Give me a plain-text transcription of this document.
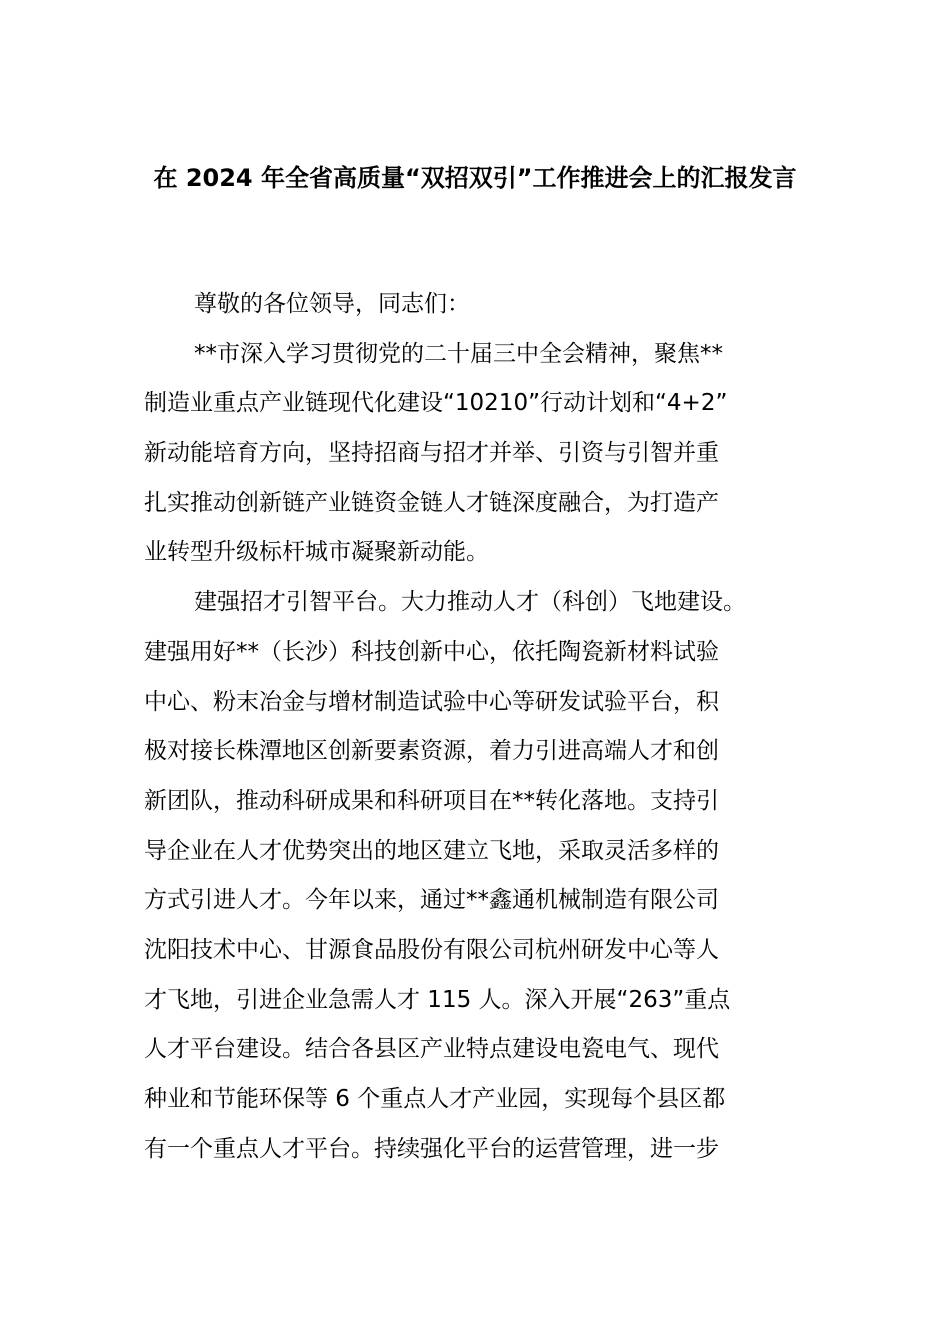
在 2024 年全省高质量“双招双引”工作推进会上的汇报发言
尊敬的各位领导，同志们：
**市深入学习贯彻党的二十届三中全会精神，聚焦**
制造业重点产业链现代化建设“10210”行动计划和“4+2”
新动能培育方向，坚持招商与招才并举、引资与引智并重
扎实推动创新链产业链资金链人才链深度融合，为打造产
业转型升级标杆城市凝聚新动能。
建强招才引智平台。大力推动人才（科创）飞地建设。
建强用好**（长沙）科技创新中心，依托陶瓷新材料试验
中心、粉末冶金与增材制造试验中心等研发试验平台，积
极对接长株潭地区创新要素资源，着力引进高端人才和创
新团队，推动科研成果和科研项目在**转化落地。支持引
导企业在人才优势突出的地区建立飞地，采取灵活多样的
方式引进人才。今年以来，通过**鑫通机械制造有限公司
沈阳技术中心、甘源食品股份有限公司杭州研发中心等人
才飞地，引进企业急需人才 115 人。深入开展“263”重点
人才平台建设。结合各县区产业特点建设电瓷电气、现代
种业和节能环保等 6 个重点人才产业园，实现每个县区都
有一个重点人才平台。持续强化平台的运营管理，进一步
